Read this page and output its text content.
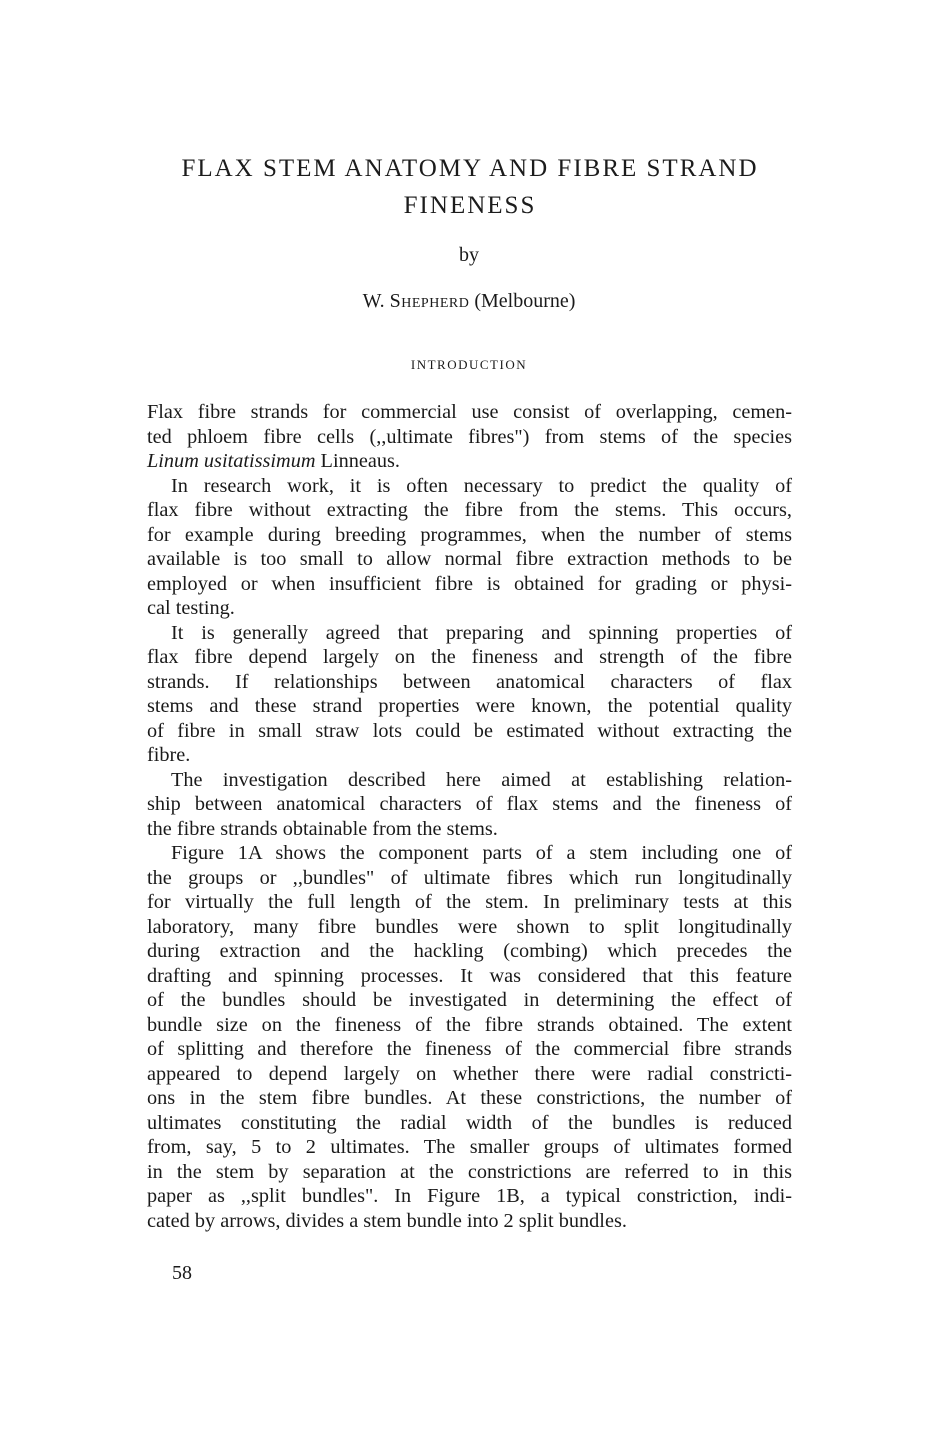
FLAX STEM ANATOMY AND FIBRE STRAND
FINENESS
by
W. Shepherd (Melbourne)
INTRODUCTION

Flax fibre strands for commercial use consist of overlapping, cemen-
ted phloem fibre cells (,,ultimate fibres") from stems of the species
Linum usitatissimum Linneaus.

In research work, it is often necessary to predict the quality of
flax fibre without extracting the fibre from the stems. This occurs,
for example during breeding programmes, when the number of stems
available is too small to allow normal fibre extraction methods to be
employed or when insufficient fibre is obtained for grading or physi-
cal testing.

It is generally agreed that preparing and spinning properties of
flax fibre depend largely on the fineness and strength of the fibre
strands. If relationships between anatomical characters of flax
stems and these strand properties were known, the potential quality
of fibre in small straw lots could be estimated without extracting the
fibre.

The investigation described here aimed at establishing relation-
ship between anatomical characters of flax stems and the fineness of
the fibre strands obtainable from the stems.

Figure 1A shows the component parts of a stem including one of
the groups or ,,bundles" of ultimate fibres which run longitudinally
for virtually the full length of the stem. In preliminary tests at this
laboratory, many fibre bundles were shown to split longitudinally
during extraction and the hackling (combing) which precedes the
drafting and spinning processes. It was considered that this feature
of the bundles should be investigated in determining the effect of
bundle size on the fineness of the fibre strands obtained. The extent
of splitting and therefore the fineness of the commercial fibre strands
appeared to depend largely on whether there were radial constricti-
ons in the stem fibre bundles. At these constrictions, the number of
ultimates constituting the radial width of the bundles is reduced
from, say, 5 to 2 ultimates. The smaller groups of ultimates formed
in the stem by separation at the constrictions are referred to in this
paper as ,,split bundles". In Figure 1B, a typical constriction, indi-
cated by arrows, divides a stem bundle into 2 split bundles.

58
